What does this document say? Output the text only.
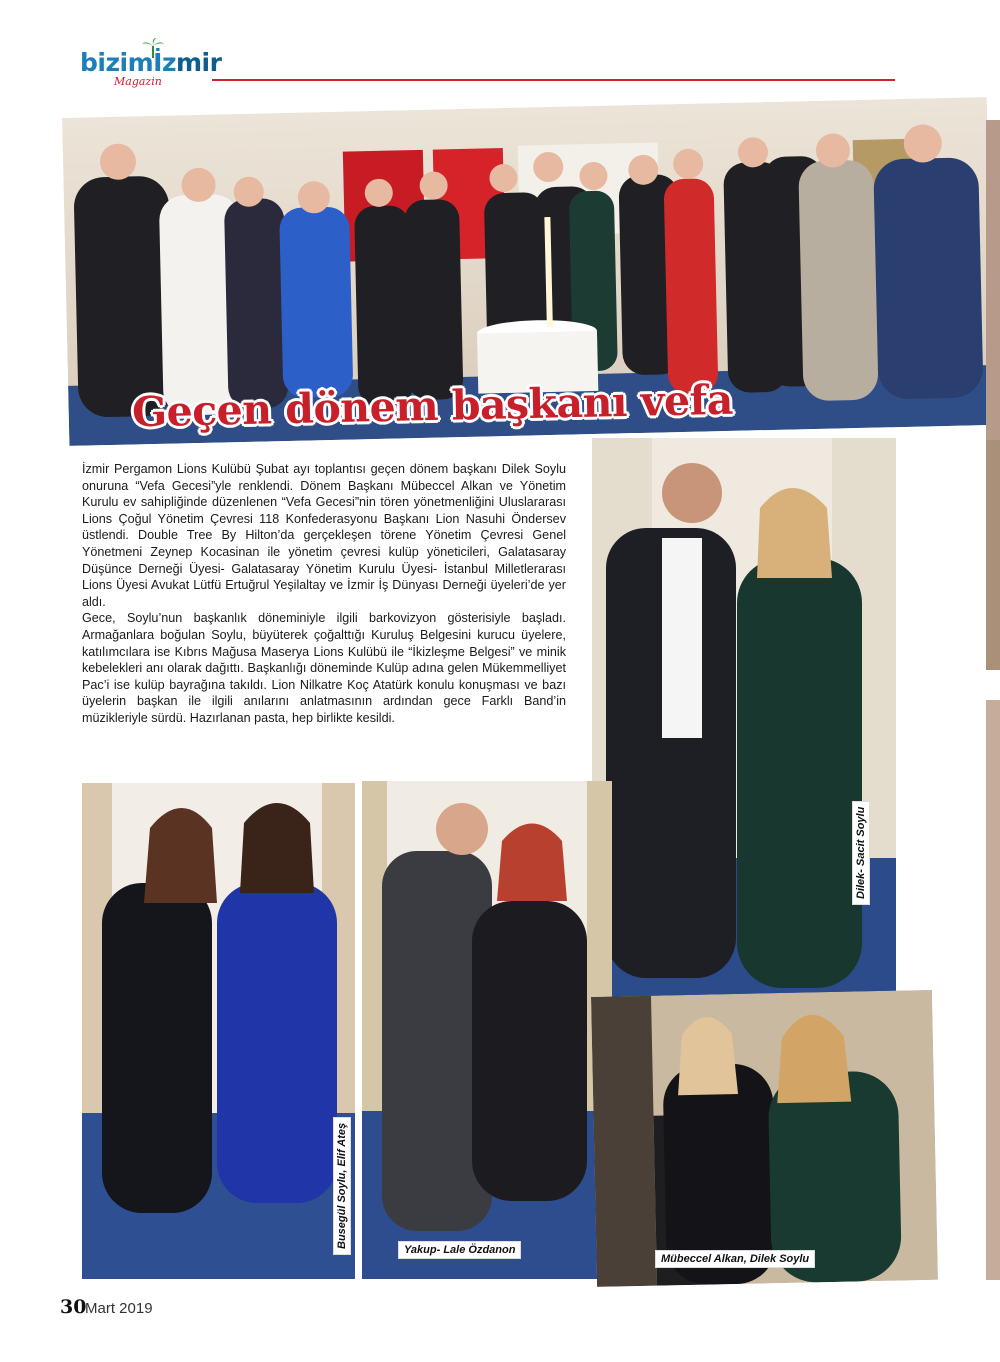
bizimİzmir
Magazin
Geçen dönem başkanı vefa

İzmir Pergamon Lions Kulübü Şubat ayı toplantısı geçen dönem başkanı Dilek Soylu onuruna “Vefa Gecesi”yle renklendi. Dönem Başkanı Mübeccel Alkan ve Yönetim Kurulu ev sahipliğinde düzenlenen “Vefa Gecesi”nin tören yönetmenliğini Uluslararası Lions Çoğul Yönetim Çevresi 118 Konfederasyonu Başkanı Lion Nasuhi Öndersev üstlendi. Double Tree By Hilton’da gerçekleşen törene Yönetim Çevresi Genel Yönetmeni Zeynep Kocasinan ile yönetim çevresi kulüp yöneticileri, Galatasaray Düşünce Derneği Üyesi- Galatasaray Yönetim Kurulu Üyesi- İstanbul Milletlerarası Lions Üyesi Avukat Lütfü Ertuğrul Yeşilaltay ve İzmir İş Dünyası Derneği üyeleri’de yer aldı.

Gece, Soylu’nun başkanlık döneminiyle ilgili barkovizyon gösterisiyle başladı. Armağanlara boğulan Soylu, büyüterek çoğalttığı Kuruluş Belgesini kurucu üyelere, katılımcılara ise Kıbrıs Mağusa Maserya Lions Kulübü ile “İkizleşme Belgesi” ve minik kebelekleri anı olarak dağıttı. Başkanlığı döneminde Kulüp adına gelen Mükemmelliyet Pac’i ise kulüp bayrağına takıldı. Lion Nilkatre Koç Atatürk konulu konuşması ve bazı üyelerin başkan ile ilgili anılarını anlatmasının ardından gece Farklı Band’in müzikleriyle sürdü. Hazırlanan pasta, hep birlikte kesildi.

Dilek- Sacit Soylu
Busegül Soylu, Elif Ateş
Yakup- Lale Özdanon
Mübeccel Alkan, Dilek Soylu
30
Mart 2019
